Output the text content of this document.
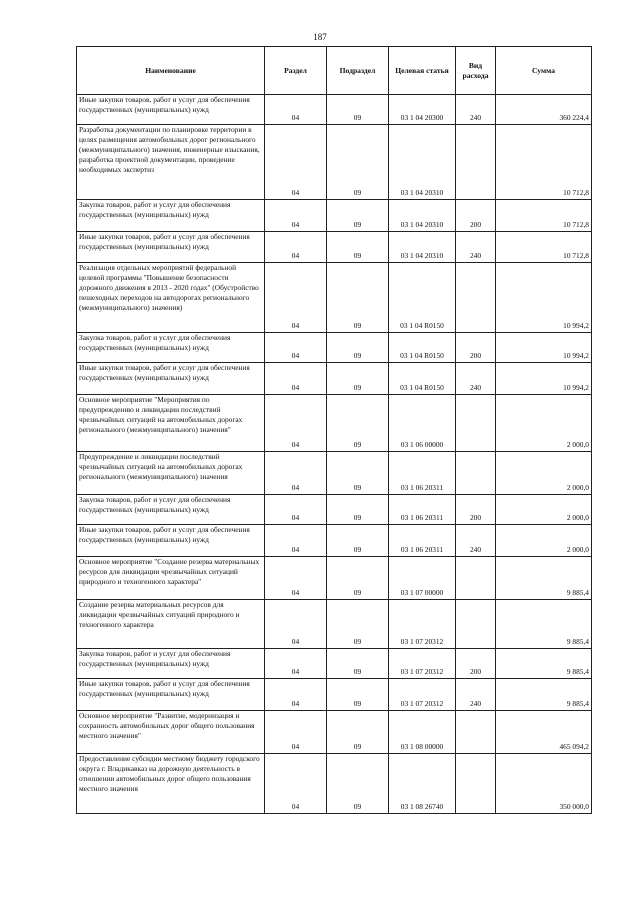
187
Наименование	Раздел	Подраздел	Целевая статья	Вид расхода	Сумма
Иные закупки товаров, работ и услуг для обеспечения государственных (муниципальных) нужд	04	09	03 1 04 20300	240	360 224,4
Разработка документации по планировке территории в целях размещения автомобильных дорог регионального (межмуниципального) значения, инженерные изыскания, разработка проектной документации, проведение необходимых экспертиз	04	09	03 1 04 20310		10 712,8
Закупка товаров, работ и услуг для обеспечения государственных (муниципальных) нужд	04	09	03 1 04 20310	200	10 712,8
Иные закупки товаров, работ и услуг для обеспечения государственных (муниципальных) нужд	04	09	03 1 04 20310	240	10 712,8
Реализация отдельных мероприятий федеральной целевой программы "Повышение безопасности дорожного движения в 2013 - 2020 годах" (Обустройство пешеходных переходов на автодорогах регионального (межмуниципального) значения)	04	09	03 1 04 R0150		10 994,2
Закупка товаров, работ и услуг для обеспечения государственных (муниципальных) нужд	04	09	03 1 04 R0150	200	10 994,2
Иные закупки товаров, работ и услуг для обеспечения государственных (муниципальных) нужд	04	09	03 1 04 R0150	240	10 994,2
Основное мероприятие "Мероприятия по предупреждению и ликвидации последствий чрезвычайных ситуаций на автомобильных дорогах регионального (межмуниципального) значения"	04	09	03 1 06 00000		2 000,0
Предупреждение и ликвидации последствий чрезвычайных ситуаций на автомобильных дорогах регионального (межмуниципального) значения	04	09	03 1 06 20311		2 000,0
Закупка товаров, работ и услуг для обеспечения государственных (муниципальных) нужд	04	09	03 1 06 20311	200	2 000,0
Иные закупки товаров, работ и услуг для обеспечения государственных (муниципальных) нужд	04	09	03 1 06 20311	240	2 000,0
Основное мероприятие "Создание резерва материальных ресурсов для ликвидации чрезвычайных ситуаций природного и техногенного характера"	04	09	03 1 07 00000		9 885,4
Создание резерва материальных ресурсов для ликвидации чрезвычайных ситуаций природного и техногенного характера	04	09	03 1 07 20312		9 885,4
Закупка товаров, работ и услуг для обеспечения государственных (муниципальных) нужд	04	09	03 1 07 20312	200	9 885,4
Иные закупки товаров, работ и услуг для обеспечения государственных (муниципальных) нужд	04	09	03 1 07 20312	240	9 885,4
Основное мероприятие "Развитие, модернизация и сохранность автомобильных дорог общего пользования местного значения"	04	09	03 1 08 00000		465 094,2
Предоставление субсидии местному бюджету городского округа г. Владикавказ на дорожную деятельность в отношении автомобильных дорог общего пользования местного значения	04	09	03 1 08 26740		350 000,0
